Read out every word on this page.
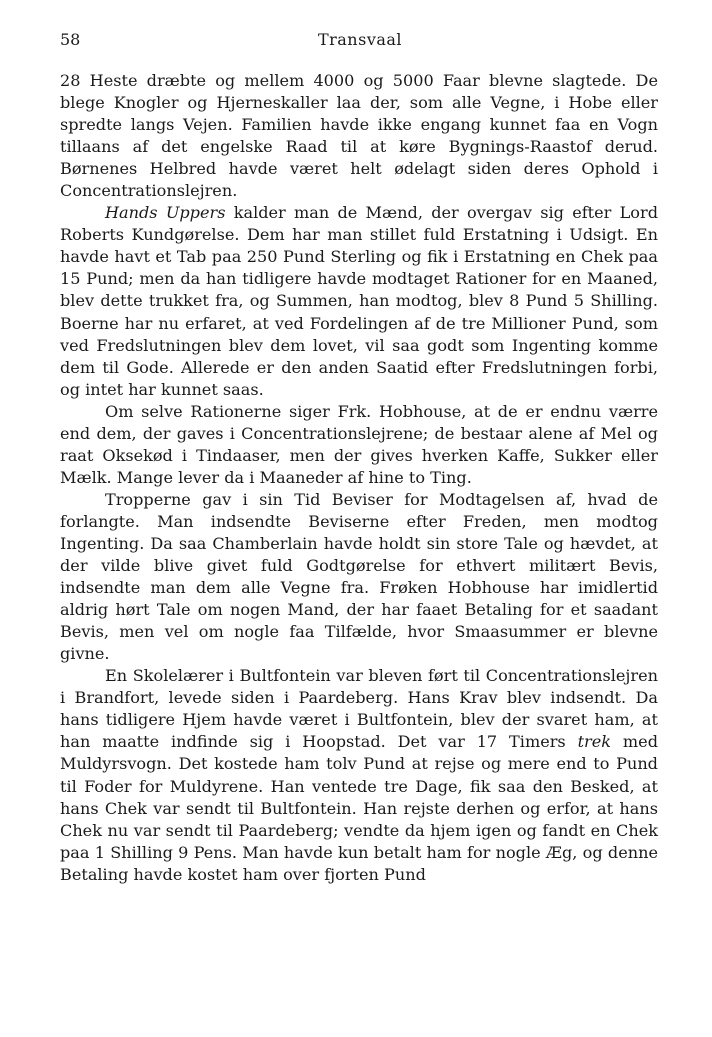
58	Transvaal

28 Heste dræbte og mellem 4000 og 5000 Faar blevne slagtede. De blege Knogler og Hjerneskaller laa der, som alle Vegne, i Hobe eller spredte langs Vejen. Familien havde ikke engang kunnet faa en Vogn tillaans af det engelske Raad til at køre Bygnings-Raastof derud. Børnenes Helbred havde været helt ødelagt siden deres Ophold i Concentrationslejren.

Hands Uppers kalder man de Mænd, der overgav sig efter Lord Roberts Kundgørelse. Dem har man stillet fuld Erstatning i Udsigt. En havde havt et Tab paa 250 Pund Sterling og fik i Erstatning en Chek paa 15 Pund; men da han tidligere havde modtaget Rationer for en Maaned, blev dette trukket fra, og Summen, han modtog, blev 8 Pund 5 Shilling. Boerne har nu erfaret, at ved Fordelingen af de tre Millioner Pund, som ved Fredslutningen blev dem lovet, vil saa godt som Ingenting komme dem til Gode. Allerede er den anden Saatid efter Fredslutningen forbi, og intet har kunnet saas.

Om selve Rationerne siger Frk. Hobhouse, at de er endnu værre end dem, der gaves i Concentrationslejrene; de bestaar alene af Mel og raat Oksekød i Tindaaser, men der gives hverken Kaffe, Sukker eller Mælk. Mange lever da i Maaneder af hine to Ting.

Tropperne gav i sin Tid Beviser for Modtagelsen af, hvad de forlangte. Man indsendte Beviserne efter Freden, men modtog Ingenting. Da saa Chamberlain havde holdt sin store Tale og hævdet, at der vilde blive givet fuld Godtgørelse for ethvert militært Bevis, indsendte man dem alle Vegne fra. Frøken Hobhouse har imidlertid aldrig hørt Tale om nogen Mand, der har faaet Betaling for et saadant Bevis, men vel om nogle faa Tilfælde, hvor Smaasummer er blevne givne.

En Skolelærer i Bultfontein var bleven ført til Concentrationslejren i Brandfort, levede siden i Paardeberg. Hans Krav blev indsendt. Da hans tidligere Hjem havde været i Bultfontein, blev der svaret ham, at han maatte indfinde sig i Hoopstad. Det var 17 Timers trek med Muldyrsvogn. Det kostede ham tolv Pund at rejse og mere end to Pund til Foder for Muldyrene. Han ventede tre Dage, fik saa den Besked, at hans Chek var sendt til Bultfontein. Han rejste derhen og erfor, at hans Chek nu var sendt til Paardeberg; vendte da hjem igen og fandt en Chek paa 1 Shilling 9 Pens. Man havde kun betalt ham for nogle Æg, og denne Betaling havde kostet ham over fjorten Pund
